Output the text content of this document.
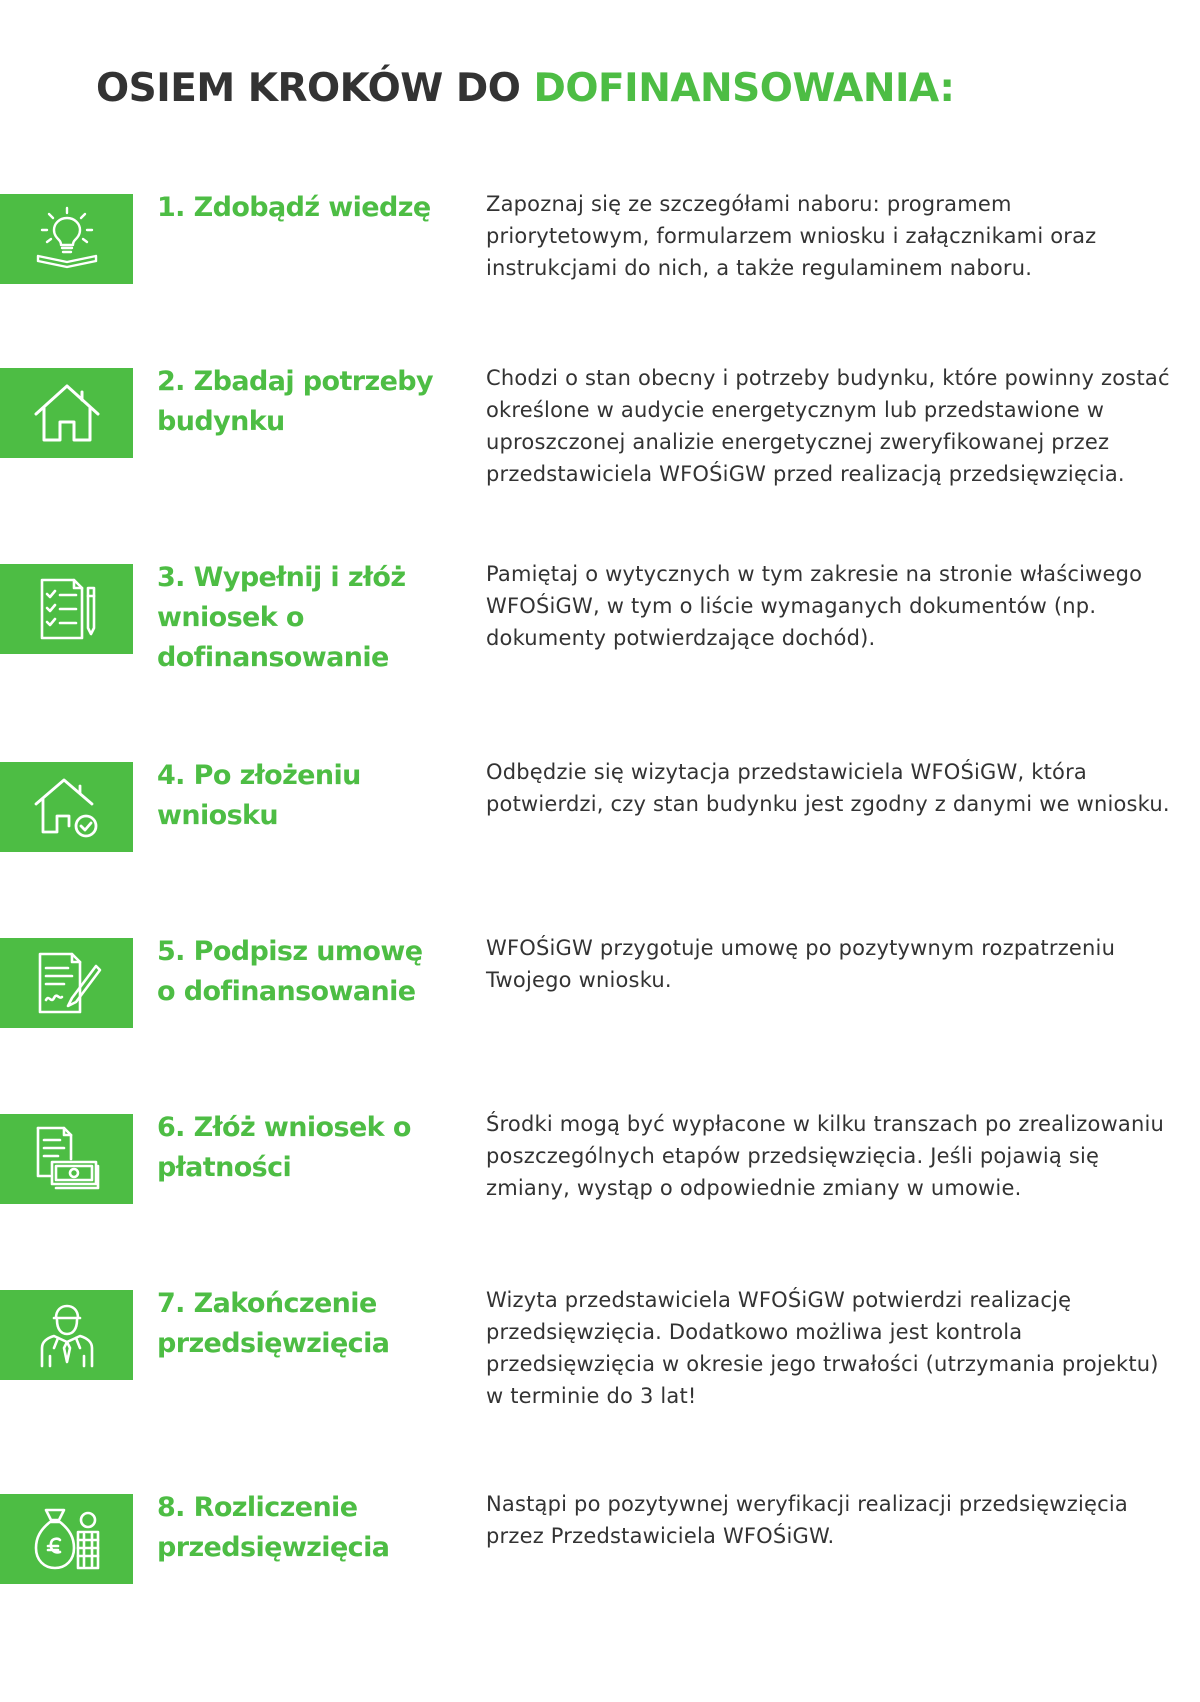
OSIEM KROKÓW DO DOFINANSOWANIA:
1. Zdobądź wiedzę	Zapoznaj się ze szczegółami naboru: programem priorytetowym, formularzem wniosku i załącznikami oraz instrukcjami do nich, a także regulaminem naboru.

2. Zbadaj potrzeby budynku

Chodzi o stan obecny i potrzeby budynku, które powinny zostać określone w audycie energetycznym lub przedstawione w uproszczonej analizie energetycznej zweryfikowanej przez przedstawiciela WFOŚiGW przed realizacją przedsięwzięcia.

3. Wypełnij i złóż wniosek o dofinansowanie

Pamiętaj o wytycznych w tym zakresie na stronie właściwego WFOŚiGW, w tym o liście wymaganych dokumentów (np. dokumenty potwierdzające dochód).

4. Po złożeniu wniosku

Odbędzie się wizytacja przedstawiciela WFOŚiGW, która potwierdzi, czy stan budynku jest zgodny z danymi we wniosku.

5. Podpisz umowę o dofinansowanie

WFOŚiGW przygotuje umowę po pozytywnym rozpatrzeniu Twojego wniosku.

6. Złóż wniosek o płatności

Środki mogą być wypłacone w kilku transzach po zrealizowaniu poszczególnych etapów przedsięwzięcia. Jeśli pojawią się zmiany, wystąp o odpowiednie zmiany w umowie.

7. Zakończenie przedsięwzięcia

Wizyta przedstawiciela WFOŚiGW potwierdzi realizację przedsięwzięcia. Dodatkowo możliwa jest kontrola przedsięwzięcia w okresie jego trwałości (utrzymania projektu) w terminie do 3 lat!

8. Rozliczenie przedsięwzięcia

Nastąpi po pozytywnej weryfikacji realizacji przedsięwzięcia przez Przedstawiciela WFOŚiGW.
